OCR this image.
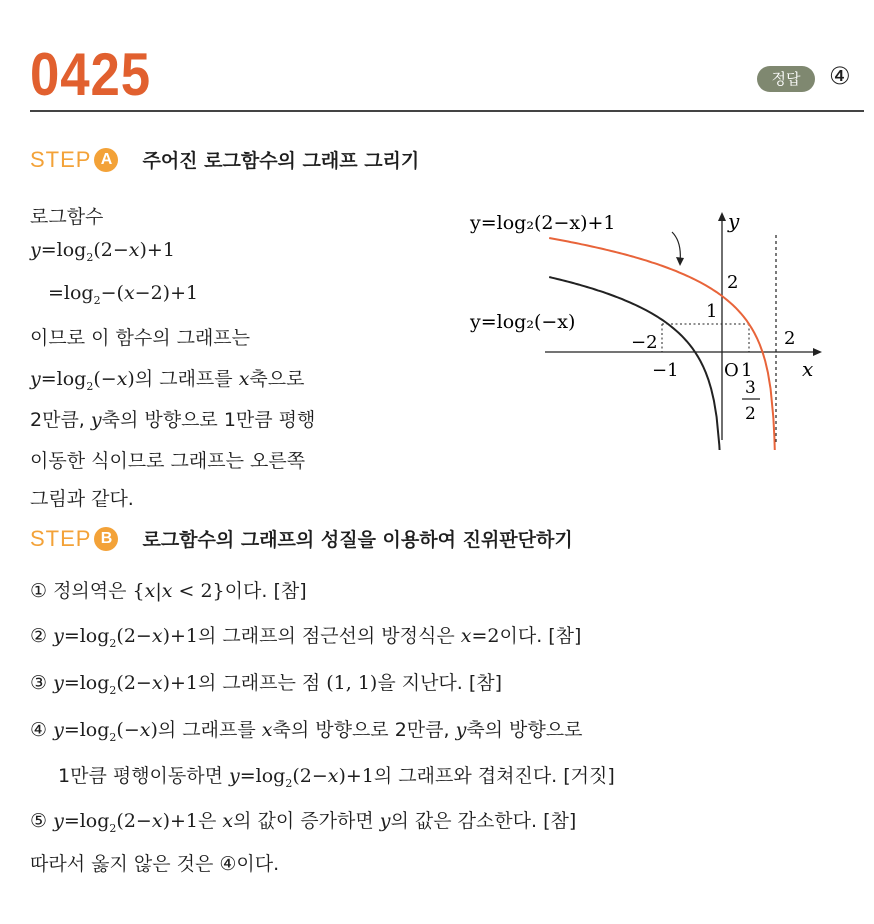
0425	정답	④
STEP A	주어진 로그함수의 그래프 그리기
로그함수
$y=\log_2(2-x)+1$
$=\log_2-(x-2)+1$
이므로 이 함수의 그래프는
$y=\log_2(-x)$의 그래프를 x축으로
2만큼, y축의 방향으로 1만큼 평행
이동한 식이므로 그래프는 오른쪽
그림과 같다.
y
x
2
1
2
−2
−1	O 1
3
2
y=log₂(2−x)+1
y=log₂(−x)
STEP B	로그함수의 그래프의 성질을 이용하여 진위판단하기
① 정의역은 {x|x < 2}이다. [참]
② $y=\log_2(2-x)+1$의 그래프의 점근선의 방정식은 x=2이다. [참]
③ $y=\log_2(2-x)+1$의 그래프는 점 (1, 1)을 지난다. [참]
④ $y=\log_2(-x)$의 그래프를 x축의 방향으로 2만큼, y축의 방향으로
1만큼 평행이동하면 $y=\log_2(2-x)+1$의 그래프와 겹쳐진다. [거짓]
⑤ $y=\log_2(2-x)+1$은 x의 값이 증가하면 y의 값은 감소한다. [참]
따라서 옳지 않은 것은 ④이다.
